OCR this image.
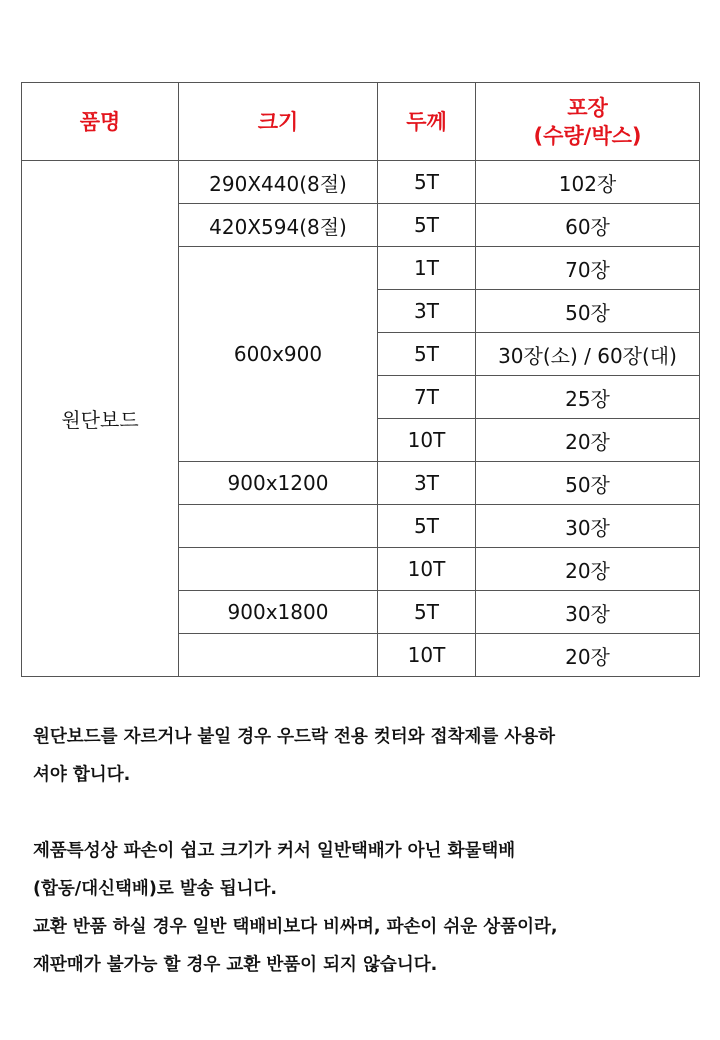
품명	크기	두께	포장
(수량/박스)

원단보드	290X440(8절)	5T	102장
	420X594(8절)	5T	60장
	600x900	1T	70장
		3T	50장
		5T	30장(소) / 60장(대)
		7T	25장
		10T	20장
	900x1200	3T	50장
		5T	30장
		10T	20장
	900x1800	5T	30장
		10T	20장

원단보드를 자르거나 붙일 경우 우드락 전용 컷터와 접착제를 사용하

셔야 합니다.

제품특성상 파손이 쉽고 크기가 커서 일반택배가 아닌 화물택배

(합동/대신택배)로 발송 됩니다.

교환 반품 하실 경우 일반 택배비보다 비싸며, 파손이 쉬운 상품이라,

재판매가 불가능 할 경우 교환 반품이 되지 않습니다.
